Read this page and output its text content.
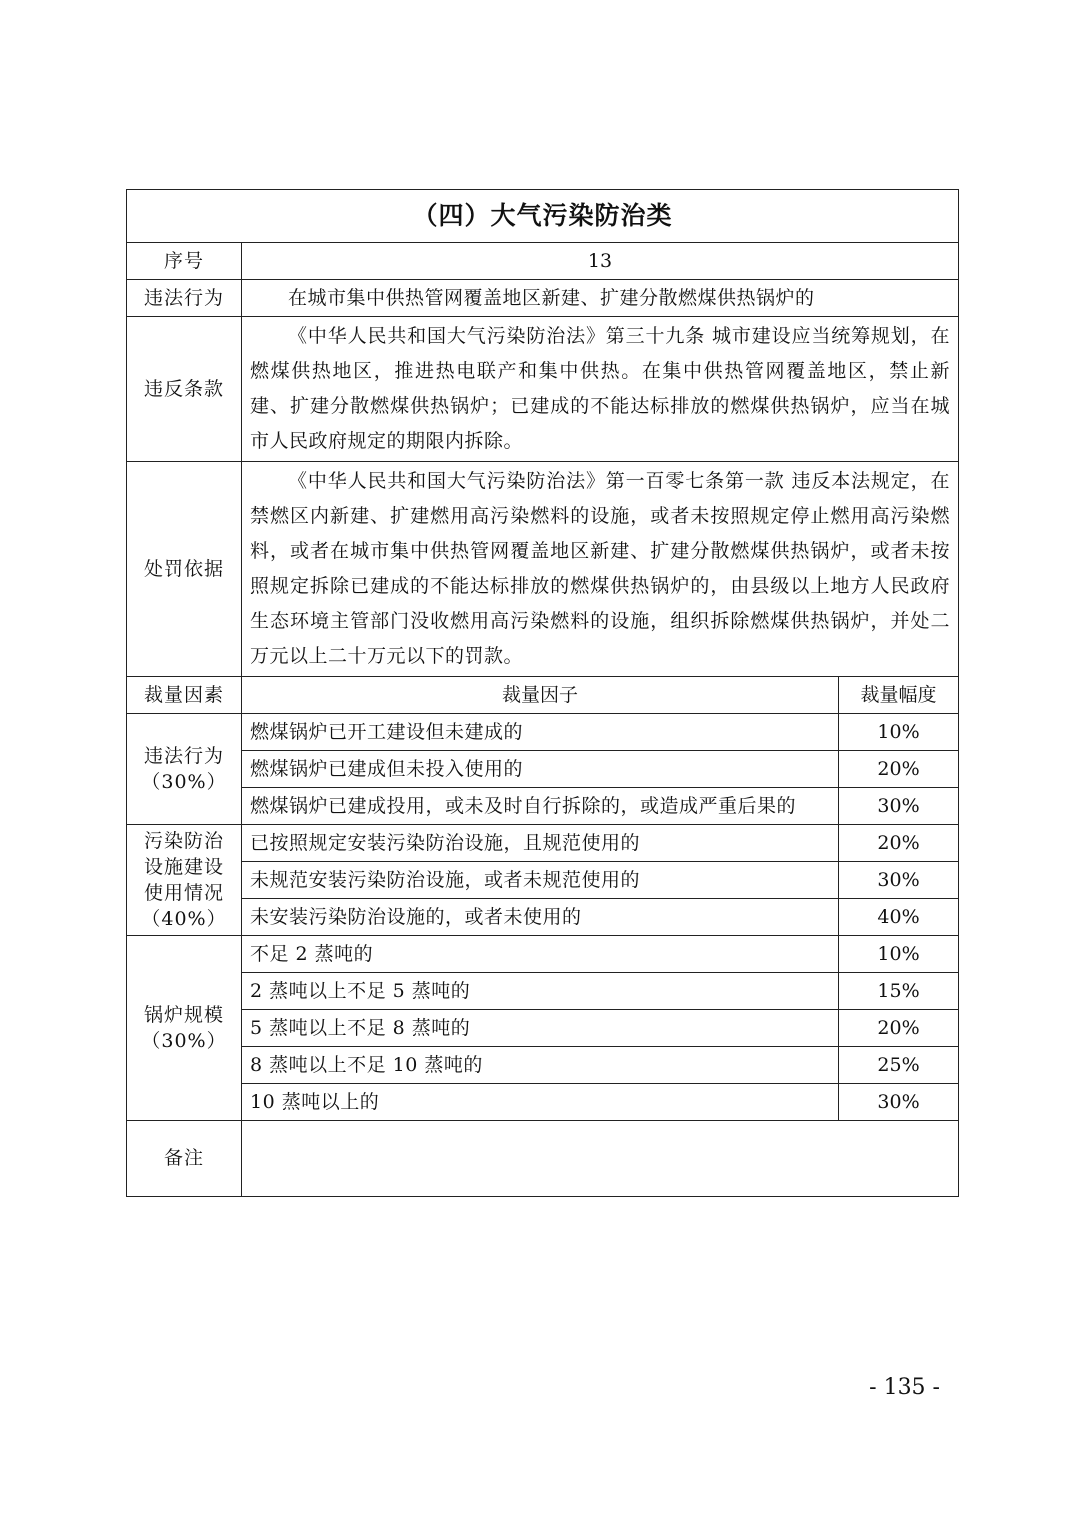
（四）大气污染防治类		
序号	13	
违法行为	在城市集中供热管网覆盖地区新建、扩建分散燃煤供热锅炉的	
违反条款	《中华人民共和国大气污染防治法》第三十九条 城市建设应当统筹规划，在燃煤供热地区，推进热电联产和集中供热。在集中供热管网覆盖地区，禁止新建、扩建分散燃煤供热锅炉；已建成的不能达标排放的燃煤供热锅炉，应当在城市人民政府规定的期限内拆除。	
处罚依据	《中华人民共和国大气污染防治法》第一百零七条第一款 违反本法规定，在禁燃区内新建、扩建燃用高污染燃料的设施，或者未按照规定停止燃用高污染燃料，或者在城市集中供热管网覆盖地区新建、扩建分散燃煤供热锅炉，或者未按照规定拆除已建成的不能达标排放的燃煤供热锅炉的，由县级以上地方人民政府生态环境主管部门没收燃用高污染燃料的设施，组织拆除燃煤供热锅炉，并处二万元以上二十万元以下的罚款。	
裁量因素	裁量因子	裁量幅度

违法行为
（30%）	燃煤锅炉已开工建设但未建成的	10%
	燃煤锅炉已建成但未投入使用的	20%
	燃煤锅炉已建成投用，或未及时自行拆除的，或造成严重后果的	30%

污染防治
设施建设
使用情况
（40%）	已按照规定安装污染防治设施，且规范使用的	20%
	未规范安装污染防治设施，或者未规范使用的	30%
	未安装污染防治设施的，或者未使用的	40%

锅炉规模
（30%）	不足 2 蒸吨的	10%
	2 蒸吨以上不足 5 蒸吨的	15%
	5 蒸吨以上不足 8 蒸吨的	20%
	8 蒸吨以上不足 10 蒸吨的	25%
	10 蒸吨以上的	30%
备注		
- 135 -
